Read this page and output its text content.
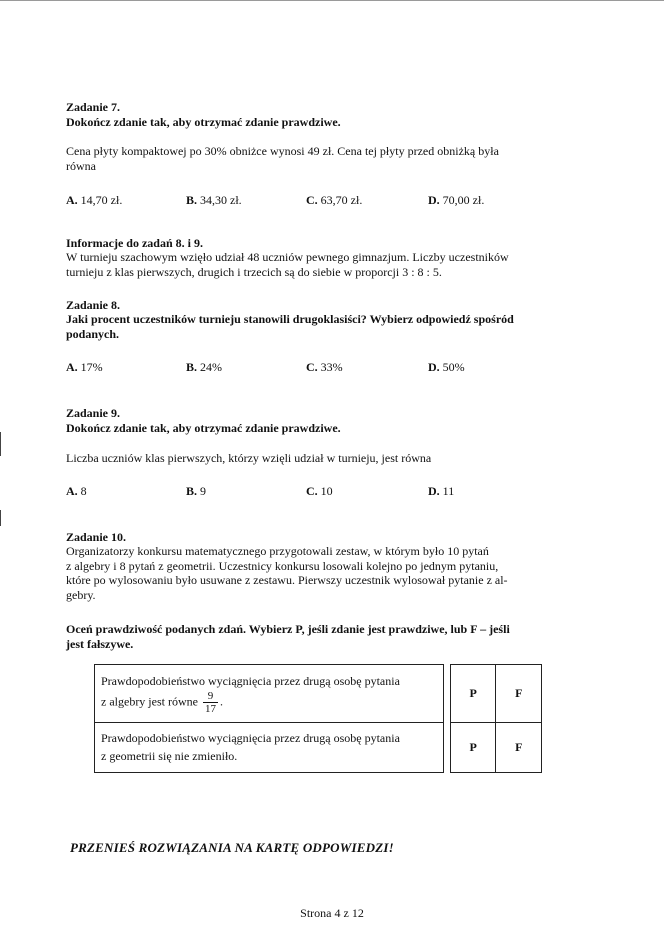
Zadanie 7.
Dokończ zdanie tak, aby otrzymać zdanie prawdziwe.
Cena płyty kompaktowej po 30% obniżce wynosi 49 zł. Cena tej płyty przed obniżką była
równa
A. 14,70 zł.	B. 34,30 zł.	C. 63,70 zł.	D. 70,00 zł.
Informacje do zadań 8. i 9.
W turnieju szachowym wzięło udział 48 uczniów pewnego gimnazjum. Liczby uczestników
turnieju z klas pierwszych, drugich i trzecich są do siebie w proporcji 3 : 8 : 5.
Zadanie 8.
Jaki procent uczestników turnieju stanowili drugoklasiści? Wybierz odpowiedź spośród
podanych.
A. 17%	B. 24%	C. 33%	D. 50%
Zadanie 9.
Dokończ zdanie tak, aby otrzymać zdanie prawdziwe.
Liczba uczniów klas pierwszych, którzy wzięli udział w turnieju, jest równa
A. 8	B. 9	C. 10	D. 11
Zadanie 10.
Organizatorzy konkursu matematycznego przygotowali zestaw, w którym było 10 pytań
z algebry i 8 pytań z geometrii. Uczestnicy konkursu losowali kolejno po jednym pytaniu,
które po wylosowaniu było usuwane z zestawu. Pierwszy uczestnik wylosował pytanie z al-
gebry.
Oceń prawdziwość podanych zdań. Wybierz P, jeśli zdanie jest prawdziwe, lub F – jeśli
jest fałszywe.
Prawdopodobieństwo wyciągnięcia przez drugą osobę pytania
z algebry jest równe $\frac{9}{17}$ .		P	F

Prawdopodobieństwo wyciągnięcia przez drugą osobę pytania
z geometrii się nie zmieniło.		P	F
PRZENIEŚ ROZWIĄZANIA NA KARTĘ ODPOWIEDZI!
Strona 4 z 12
